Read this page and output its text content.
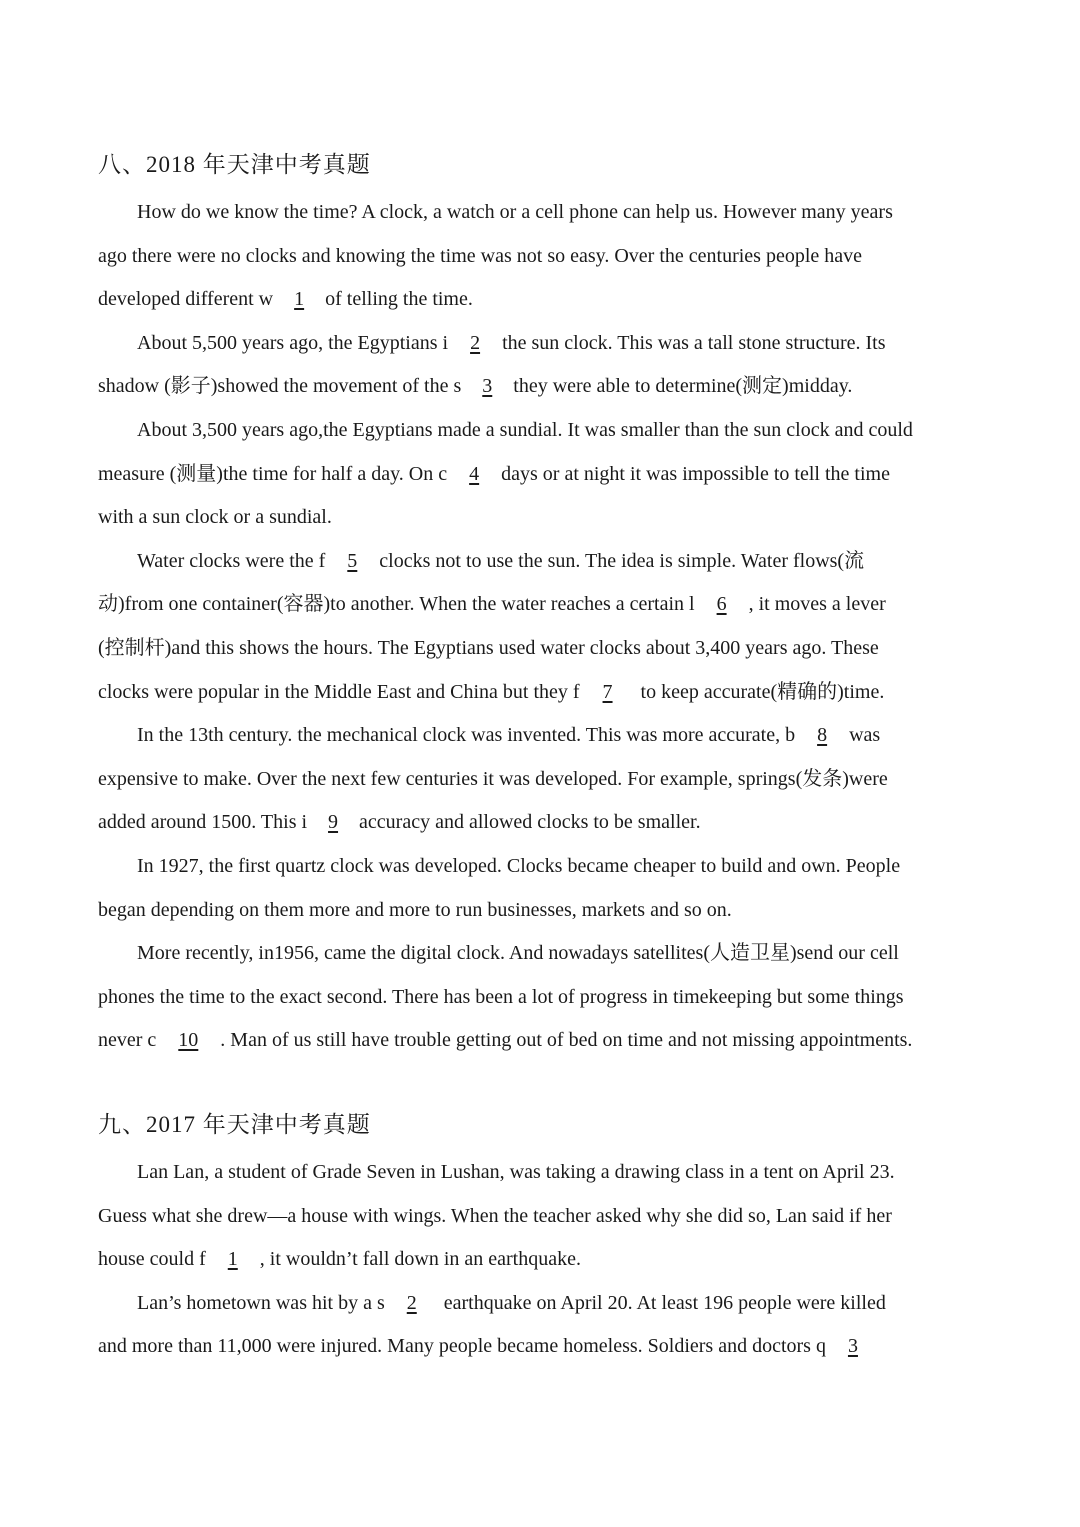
八、2018 年天津中考真题
How do we know the time? A clock, a watch or a cell phone can help us. However many years
ago there were no clocks and knowing the time was not so easy. Over the centuries people have
developed different w 1 of telling the time.
About 5,500 years ago, the Egyptians i 2 the sun clock. This was a tall stone structure. Its
shadow (影子)showed the movement of the s 3 they were able to determine(测定)midday.
About 3,500 years ago,the Egyptians made a sundial. It was smaller than the sun clock and could
measure (测量)the time for half a day. On c 4 days or at night it was impossible to tell the time
with a sun clock or a sundial.
Water clocks were the f 5 clocks not to use the sun. The idea is simple. Water flows(流
动)from one container(容器)to another. When the water reaches a certain l 6 , it moves a lever
(控制杆)and this shows the hours. The Egyptians used water clocks about 3,400 years ago. These
clocks were popular in the Middle East and China but they f 7 to keep accurate(精确的)time.
In the 13th century. the mechanical clock was invented. This was more accurate, b 8 was
expensive to make. Over the next few centuries it was developed. For example, springs(发条)were
added around 1500. This i 9 accuracy and allowed clocks to be smaller.
In 1927, the first quartz clock was developed. Clocks became cheaper to build and own. People
began depending on them more and more to run businesses, markets and so on.
More recently, in1956, came the digital clock. And nowadays satellites(人造卫星)send our cell
phones the time to the exact second. There has been a lot of progress in timekeeping but some things
never c 10 . Man of us still have trouble getting out of bed on time and not missing appointments.
九、2017 年天津中考真题
Lan Lan, a student of Grade Seven in Lushan, was taking a drawing class in a tent on April 23.
Guess what she drew—a house with wings. When the teacher asked why she did so, Lan said if her
house could f 1 , it wouldn’t fall down in an earthquake.
Lan’s hometown was hit by a s 2 earthquake on April 20. At least 196 people were killed
and more than 11,000 were injured. Many people became homeless. Soldiers and doctors q 3
